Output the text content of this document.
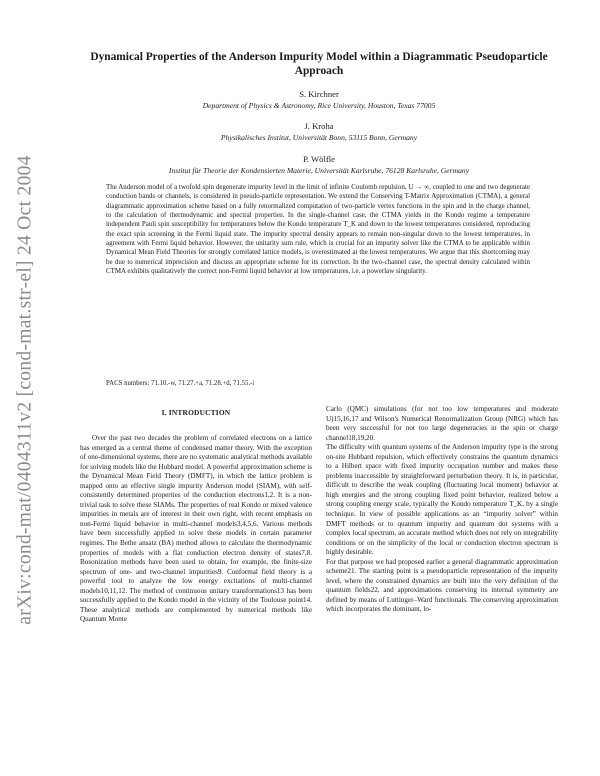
arXiv:cond-mat/0404311v2 [cond-mat.str-el] 24 Oct 2004
Dynamical Properties of the Anderson Impurity Model within a Diagrammatic Pseudoparticle Approach

S. Kirchner

Department of Physics & Astronomy, Rice University, Houston, Texas 77005

J. Kroha

Physikalisches Institut, Universität Bonn, 53115 Bonn, Germany

P. Wölfle

Institut für Theorie der Kondensierten Materie, Universität Karlsruhe, 76128 Karlsruhe, Germany

The Anderson model of a twofold spin degenerate impurity level in the limit of infinite Coulomb repulsion, U → ∞, coupled to one and two degenerate conduction bands or channels, is considered in pseudo-particle representation. We extend the Conserving T-Matrix Approximation (CTMA), a general diagrammatic approximation scheme based on a fully renormalized computation of two-particle vertex functions in the spin and in the charge channel, to the calculation of thermodynamic and spectral properties. In the single-channel case, the CTMA yields in the Kondo regime a temperature independent Pauli spin susceptibility for temperatures below the Kondo temperature T_K and down to the lowest temperatures considered, reproducing the exact spin screening in the Fermi liquid state. The impurity spectral density appears to remain non-singular down to the lowest temperatures, in agreement with Fermi liquid behavior. However, the unitarity sum rule, which is crucial for an impurity solver like the CTMA to be applicable within Dynamical Mean Field Theories for strongly correlated lattice models, is overestimated at the lowest temperatures. We argue that this shortcoming may be due to numerical imprecision and discuss an appropriate scheme for its correction. In the two-channel case, the spectral density calculated within CTMA exhibits qualitatively the correct non-Fermi liquid behavior at low temperatures, i.e. a powerlaw singularity.

PACS numbers: 71.10.-w, 71.27.+a, 71.28.+d, 71.55.-i

I. INTRODUCTION

Over the past two decades the problem of correlated electrons on a lattice has emerged as a central theme of condensed matter theory. With the exception of one-dimensional systems, there are no systematic analytical methods available for solving models like the Hubbard model. A powerful approximation scheme is the Dynamical Mean Field Theory (DMFT), in which the lattice problem is mapped onto an effective single impurity Anderson model (SIAM), with self-consistently determined properties of the conduction electrons1,2. It is a non-trivial task to solve these SIAMs. The properties of real Kondo or mixed valence impurities in metals are of interest in their own right, with recent emphasis on non-Fermi liquid behavior in multi-channel models3,4,5,6. Various methods have been successfully applied to solve these models in certain parameter regimes. The Bethe ansatz (BA) method allows to calculate the thermodynamic properties of models with a flat conduction electron density of states7,8. Bosonization methods have been used to obtain, for example, the finite-size spectrum of one- and two-channel impurities9. Conformal field theory is a powerful tool to analyze the low energy excitations of multi-channel models10,11,12. The method of continuous unitary transformations13 has been successfully applied to the Kondo model in the vicinity of the Toulouse point14. These analytical methods are complemented by numerical methods like Quantum Monte

Carlo (QMC) simulations (for not too low temperatures and moderate U)15,16,17 and Wilson's Numerical Renormalization Group (NRG) which has been very successful for not too large degeneracies in the spin or charge channel18,19,20.

The difficulty with quantum systems of the Anderson impurity type is the strong on-site Hubbard repulsion, which effectively constrains the quantum dynamics to a Hilbert space with fixed impurity occupation number and makes these problems inaccessible by straightforward perturbation theory. It is, in particular, difficult to describe the weak coupling (fluctuating local moment) behavior at high energies and the strong coupling fixed point behavior, realized below a strong coupling energy scale, typically the Kondo temperature T_K, by a single technique. In view of possible applications as an “impurity solver” within DMFT methods or to quantum impurity and quantum dot systems with a complex local spectrum, an accurate method which does not rely on integrability conditions or on the simplicity of the local or conduction electron spectrum is highly desirable.

For that purpose we had proposed earlier a general diagrammatic approximation scheme21. The starting point is a pseudoparticle representation of the impurity level, where the constrained dynamics are built into the very definition of the quantum fields22, and approximations conserving its internal symmetry are defined by means of Luttinger–Ward functionals. The conserving approximation which incorporates the dominant, lo-
